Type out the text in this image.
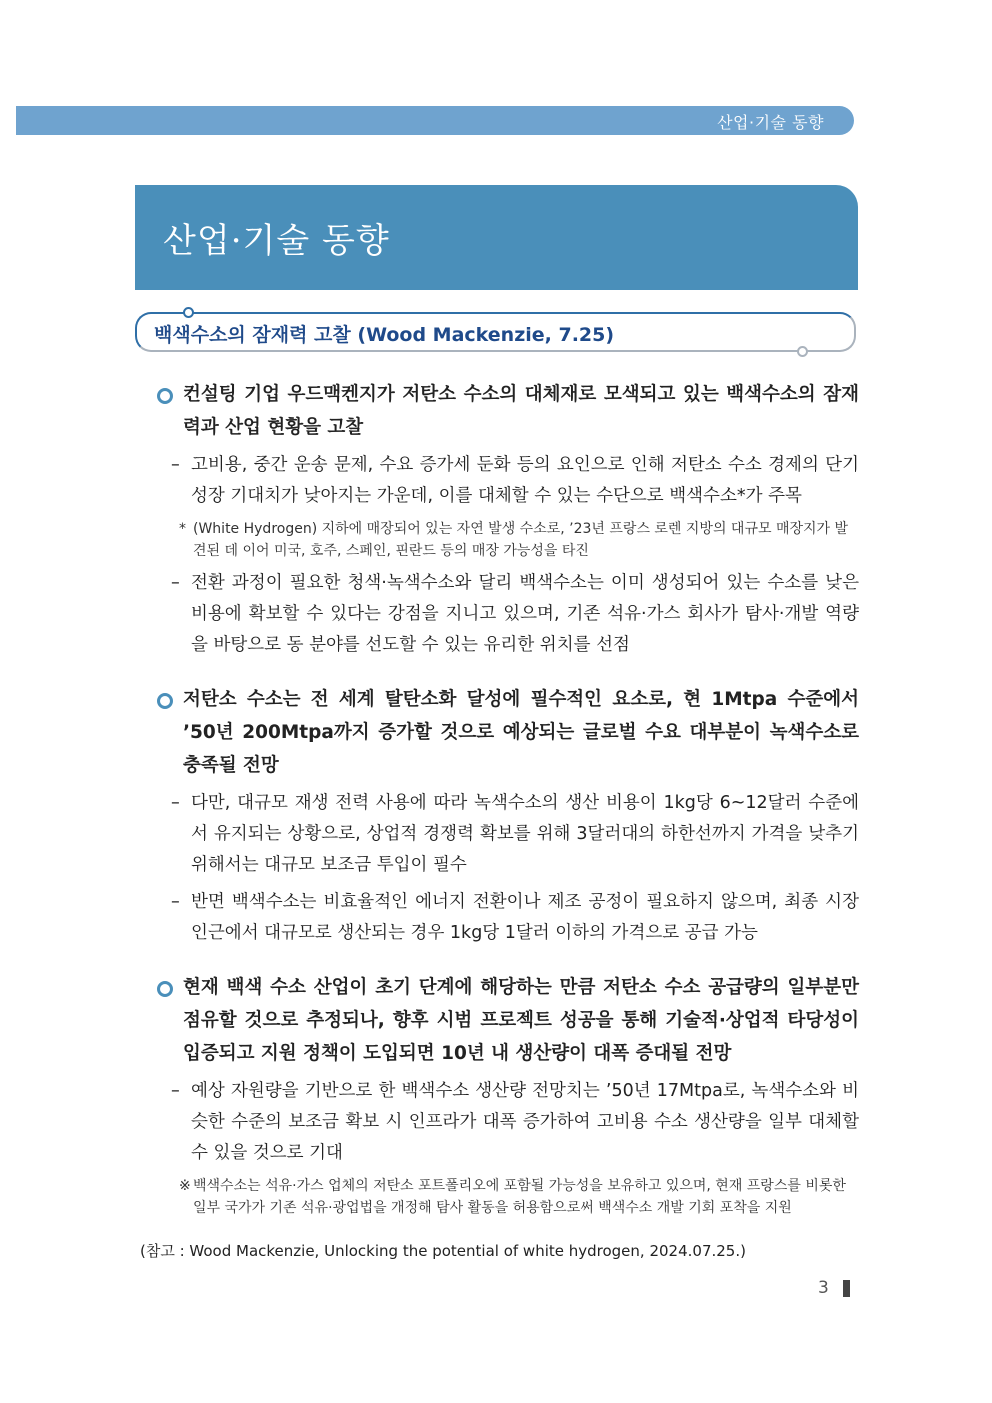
산업·기술 동향
산업·기술 동향
백색수소의 잠재력 고찰 (Wood Mackenzie, 7.25)
컨설팅 기업 우드맥켄지가 저탄소 수소의 대체재로 모색되고 있는 백색수소의 잠재력과 산업 현황을 고찰
– 고비용, 중간 운송 문제, 수요 증가세 둔화 등의 요인으로 인해 저탄소 수소 경제의 단기 성장 기대치가 낮아지는 가운데, 이를 대체할 수 있는 수단으로 백색수소*가 주목
* (White Hydrogen) 지하에 매장되어 있는 자연 발생 수소로, ’23년 프랑스 로렌 지방의 대규모 매장지가 발견된 데 이어 미국, 호주, 스페인, 핀란드 등의 매장 가능성을 타진
– 전환 과정이 필요한 청색·녹색수소와 달리 백색수소는 이미 생성되어 있는 수소를 낮은 비용에 확보할 수 있다는 강점을 지니고 있으며, 기존 석유·가스 회사가 탐사·개발 역량을 바탕으로 동 분야를 선도할 수 있는 유리한 위치를 선점
저탄소 수소는 전 세계 탈탄소화 달성에 필수적인 요소로, 현 1Mtpa 수준에서 ’50년 200Mtpa까지 증가할 것으로 예상되는 글로벌 수요 대부분이 녹색수소로 충족될 전망
– 다만, 대규모 재생 전력 사용에 따라 녹색수소의 생산 비용이 1kg당 6~12달러 수준에서 유지되는 상황으로, 상업적 경쟁력 확보를 위해 3달러대의 하한선까지 가격을 낮추기 위해서는 대규모 보조금 투입이 필수
– 반면 백색수소는 비효율적인 에너지 전환이나 제조 공정이 필요하지 않으며, 최종 시장 인근에서 대규모로 생산되는 경우 1kg당 1달러 이하의 가격으로 공급 가능
현재 백색 수소 산업이 초기 단계에 해당하는 만큼 저탄소 수소 공급량의 일부분만 점유할 것으로 추정되나, 향후 시범 프로젝트 성공을 통해 기술적·상업적 타당성이 입증되고 지원 정책이 도입되면 10년 내 생산량이 대폭 증대될 전망
– 예상 자원량을 기반으로 한 백색수소 생산량 전망치는 ’50년 17Mtpa로, 녹색수소와 비슷한 수준의 보조금 확보 시 인프라가 대폭 증가하여 고비용 수소 생산량을 일부 대체할 수 있을 것으로 기대
※ 백색수소는 석유·가스 업체의 저탄소 포트폴리오에 포함될 가능성을 보유하고 있으며, 현재 프랑스를 비롯한 일부 국가가 기존 석유·광업법을 개정해 탐사 활동을 허용함으로써 백색수소 개발 기회 포착을 지원
(참고 : Wood Mackenzie, Unlocking the potential of white hydrogen, 2024.07.25.)
3
